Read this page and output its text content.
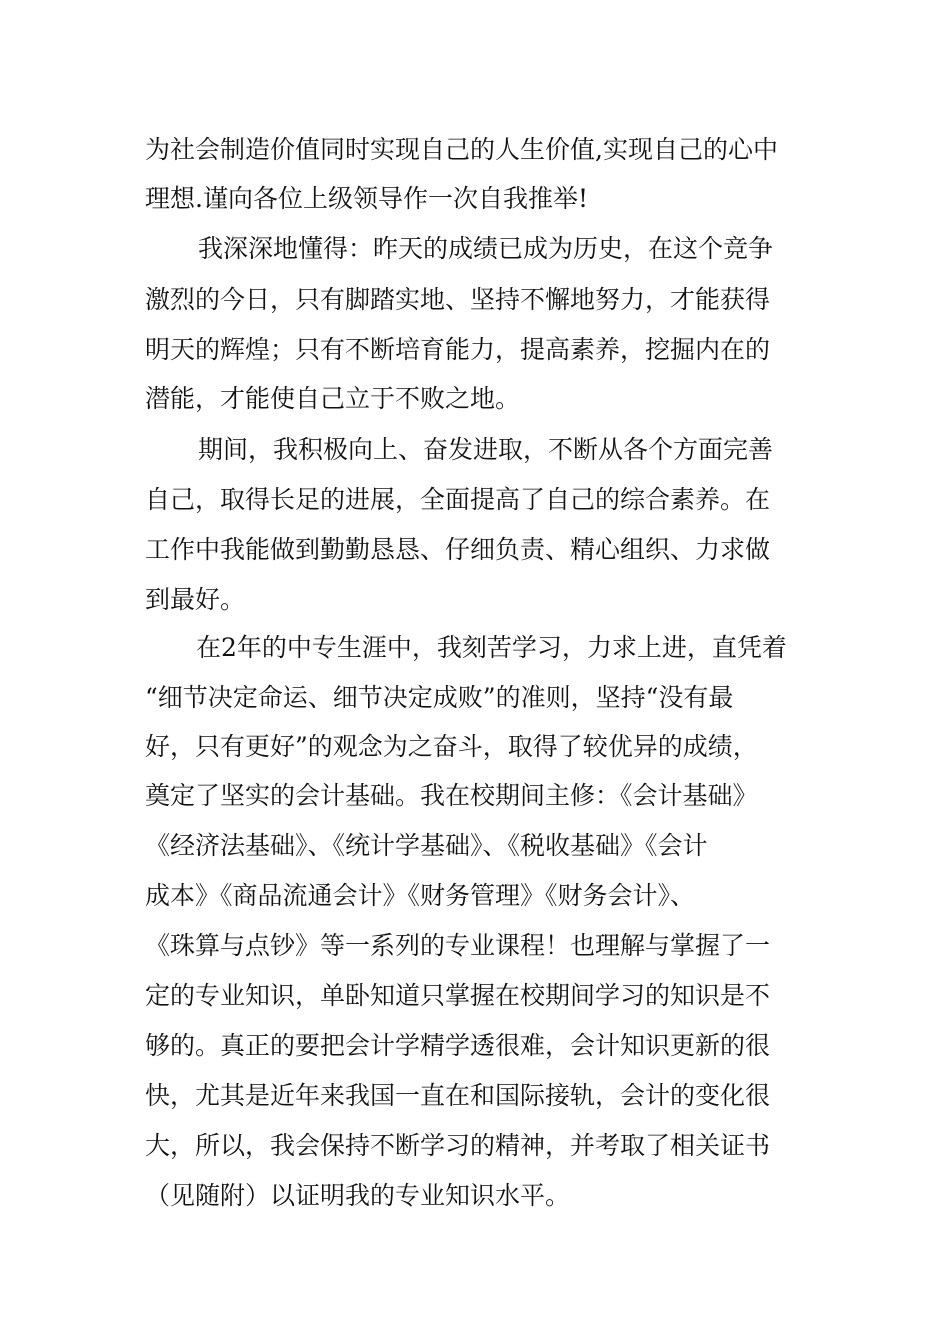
为社会制造价值同时实现自己的人生价值,实现自己的心中
理想.谨向各位上级领导作一次自我推举!
我深深地懂得：昨天的成绩已成为历史，在这个竞争
激烈的今日，只有脚踏实地、坚持不懈地努力，才能获得
明天的辉煌；只有不断培育能力，提高素养，挖掘内在的
潜能，才能使自己立于不败之地。
期间，我积极向上、奋发进取，不断从各个方面完善
自己，取得长足的进展，全面提高了自己的综合素养。在
工作中我能做到勤勤恳恳、仔细负责、精心组织、力求做
到最好。
在2年的中专生涯中，我刻苦学习，力求上进，直凭着
“细节决定命运、细节决定成败”的准则，坚持“没有最
好，只有更好”的观念为之奋斗，取得了较优异的成绩，
奠定了坚实的会计基础。我在校期间主修：《会计基础》
《经济法基础》、《统计学基础》、《税收基础》《会计
成本》《商品流通会计》《财务管理》《财务会计》、
《珠算与点钞》等一系列的专业课程！也理解与掌握了一
定的专业知识，单卧知道只掌握在校期间学习的知识是不
够的。真正的要把会计学精学透很难，会计知识更新的很
快，尤其是近年来我国一直在和国际接轨，会计的变化很
大，所以，我会保持不断学习的精神，并考取了相关证书
（见随附）以证明我的专业知识水平。
